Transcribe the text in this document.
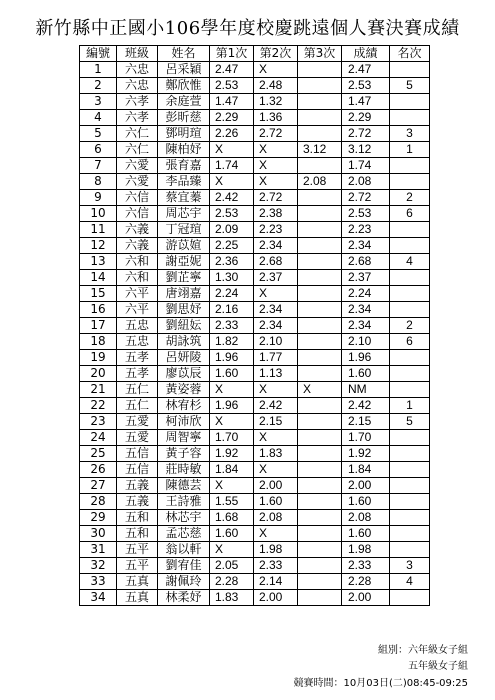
新竹縣中正國小106學年度校慶跳遠個人賽決賽成績
編號	班級	姓名	第1次	第2次	第3次	成績	名次
1	六忠	呂采穎	2.47	X		2.47	
2	六忠	鄭欣惟	2.53	2.48		2.53	5
3	六孝	余庭萱	1.47	1.32		1.47	
4	六孝	彭昕慈	2.29	1.36		2.29	
5	六仁	鄧明瑄	2.26	2.72		2.72	3
6	六仁	陳柏妤	X	X	3.12	3.12	1
7	六愛	張育嘉	1.74	X		1.74	
8	六愛	李品臻	X	X	2.08	2.08	
9	六信	蔡宜蓁	2.42	2.72		2.72	2
10	六信	周芯宇	2.53	2.38		2.53	6
11	六義	丁冠瑄	2.09	2.23		2.23	
12	六義	游苡媗	2.25	2.34		2.34	
13	六和	謝亞妮	2.36	2.68		2.68	4
14	六和	劉芷寧	1.30	2.37		2.37	
15	六平	唐翊嘉	2.24	X		2.24	
16	六平	劉思妤	2.16	2.34		2.34	
17	五忠	劉紐妘	2.33	2.34		2.34	2
18	五忠	胡詠筑	1.82	2.10		2.10	6
19	五孝	呂妍陵	1.96	1.77		1.96	
20	五孝	廖苡辰	1.60	1.13		1.60	
21	五仁	黃姿蓉	X	X	X	NM	
22	五仁	林宥杉	1.96	2.42		2.42	1
23	五愛	柯沛欣	X	2.15		2.15	5
24	五愛	周智寧	1.70	X		1.70	
25	五信	黃子容	1.92	1.83		1.92	
26	五信	莊時敏	1.84	X		1.84	
27	五義	陳德芸	X	2.00		2.00	
28	五義	王詩雅	1.55	1.60		1.60	
29	五和	林芯宇	1.68	2.08		2.08	
30	五和	孟芯慈	1.60	X		1.60	
31	五平	翁以軒	X	1.98		1.98	
32	五平	劉宥佳	2.05	2.33		2.33	3
33	五真	謝佩玲	2.28	2.14		2.28	4
34	五真	林柔妤	1.83	2.00		2.00	
組別：六年級女子組
五年級女子組
競賽時間：10月03日(二)08:45-09:25
